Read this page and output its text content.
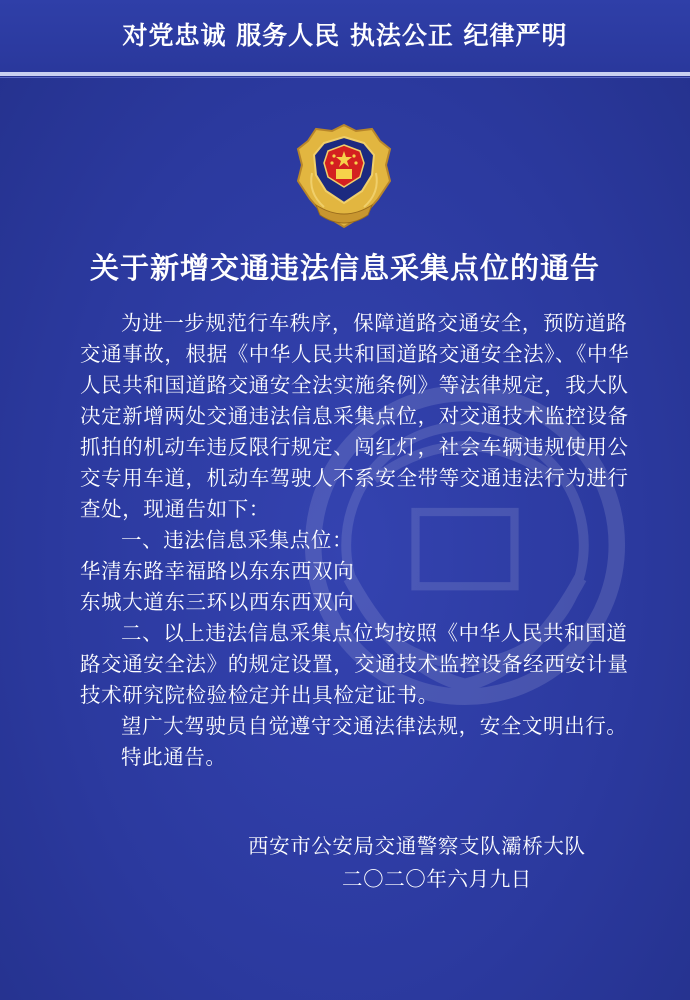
对党忠诚 服务人民 执法公正 纪律严明
关于新增交通违法信息采集点位的通告

为进一步规范行车秩序，保障道路交通安全，预防道路交通事故，根据《中华人民共和国道路交通安全法》、《中华人民共和国道路交通安全法实施条例》等法律规定，我大队决定新增两处交通违法信息采集点位，对交通技术监控设备抓拍的机动车违反限行规定、闯红灯，社会车辆违规使用公交专用车道，机动车驾驶人不系安全带等交通违法行为进行查处，现通告如下：

一、违法信息采集点位：

华清东路幸福路以东东西双向

东城大道东三环以西东西双向

二、以上违法信息采集点位均按照《中华人民共和国道路交通安全法》的规定设置，交通技术监控设备经西安计量技术研究院检验检定并出具检定证书。

望广大驾驶员自觉遵守交通法律法规，安全文明出行。

特此通告。

西安市公安局交通警察支队灞桥大队
二〇二〇年六月九日
